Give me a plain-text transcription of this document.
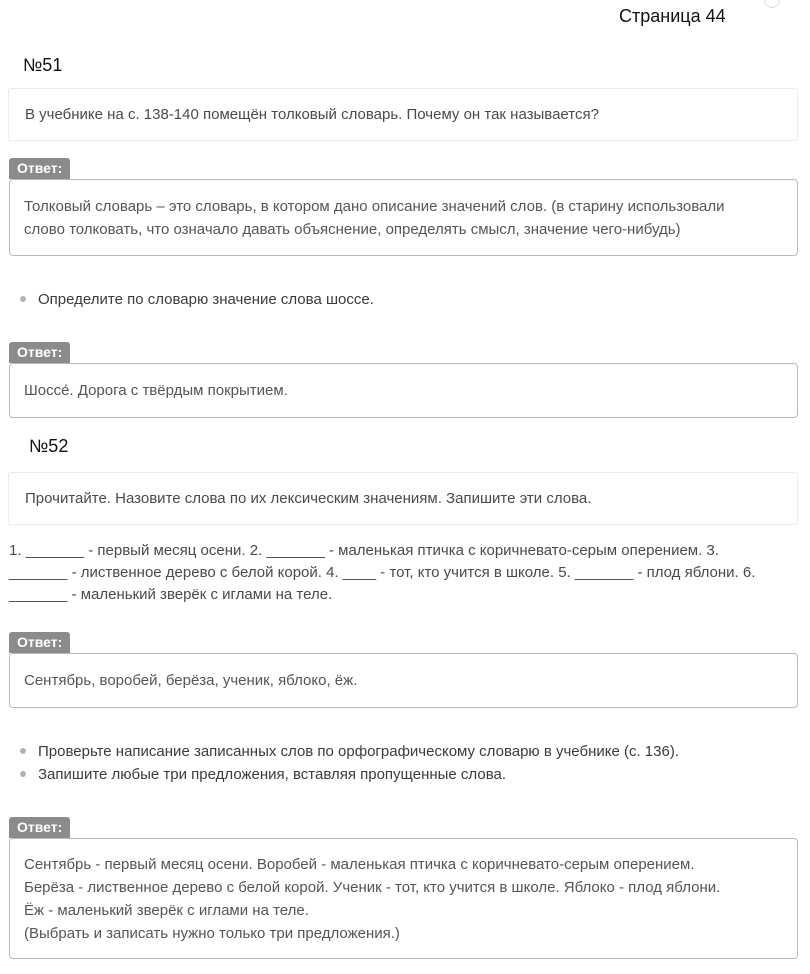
Страница 44
№51
В учебнике на с. 138-140 помещён толковый словарь. Почему он так называется?
Ответ:
Толковый словарь – это словарь, в котором дано описание значений слов. (в старину использовали
слово толковать, что означало давать объяснение, определять смысл, значение чего-нибудь)
Определите по словарю значение слова шоссе.
Ответ:
Шоссе́. Дорога с твёрдым покрытием.
№52
Прочитайте. Назовите слова по их лексическим значениям. Запишите эти слова.
1. _______ - первый месяц осени. 2. _______ - маленькая птичка с коричневато-серым оперением. 3.
_______ - лиственное дерево с белой корой. 4. ____ - тот, кто учится в школе. 5. _______ - плод яблони. 6.
_______ - маленький зверёк с иглами на теле.
Ответ:
Сентябрь, воробей, берёза, ученик, яблоко, ёж.
Проверьте написание записанных слов по орфографическому словарю в учебнике (с. 136).
Запишите любые три предложения, вставляя пропущенные слова.
Ответ:
Сентябрь - первый месяц осени. Воробей - маленькая птичка с коричневато-серым оперением.
Берёза - лиственное дерево с белой корой. Ученик - тот, кто учится в школе. Яблоко - плод яблони.
Ёж - маленький зверёк с иглами на теле.
(Выбрать и записать нужно только три предложения.)
